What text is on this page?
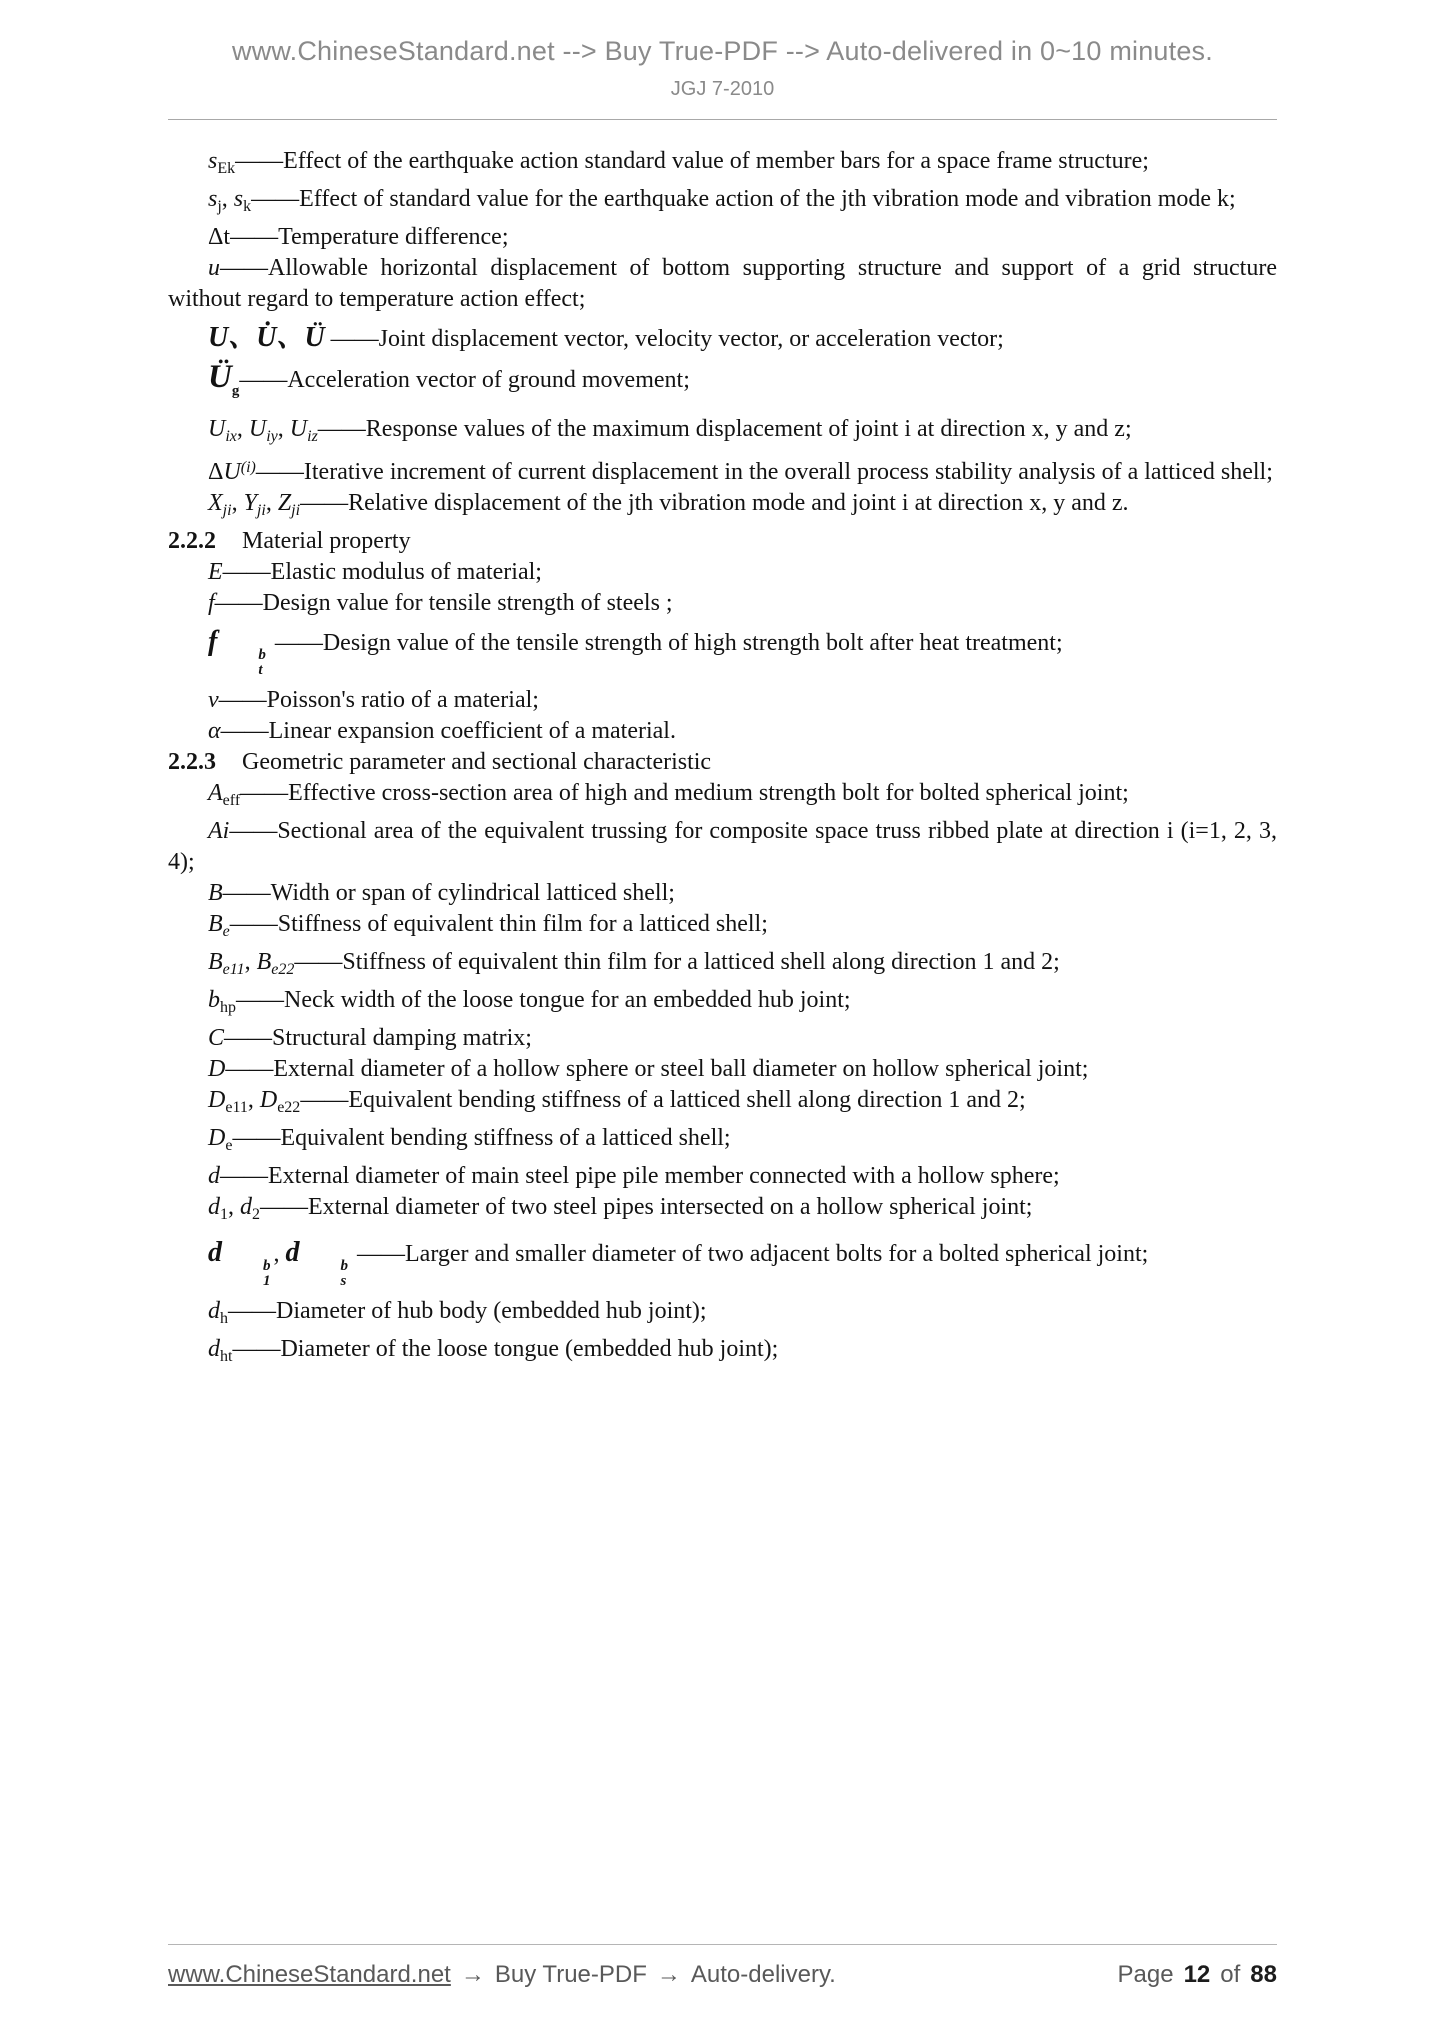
www.ChineseStandard.net --> Buy True-PDF --> Auto-delivered in 0~10 minutes.
JGJ 7-2010

$s_{Ek}——Effect$ of the earthquake action standard value of member bars for a space frame structure;

$s_j$, $s_k——Effect$ of standard value for the earthquake action of the jth vibration mode and vibration mode k;

Δt——Temperature difference;

u——Allowable horizontal displacement of bottom supporting structure and support of a grid structure without regard to temperature action effect;

U、U̇、Ü ——Joint displacement vector, velocity vector, or acceleration vector;

$Ü_g——Acceleration$ vector of ground movement;

$U_{ix}$, $U_{iy}$, $U_{iz}——Response$ values of the maximum displacement of joint i at direction x, y and z;

ΔU$^{(i)}$——Iterative increment of current displacement in the overall process stability analysis of a latticed shell;

$X_{ji}$, $Y_{ji}$, $Z_{ji}——Relative$ displacement of the jth vibration mode and joint i at direction x, y and z.

2.2.2 Material property

E——Elastic modulus of material;

f——Design value for tensile strength of steels ;

f	b
t
——Design value of the tensile strength of high strength bolt after heat treatment;

v——Poisson's ratio of a material;

α——Linear expansion coefficient of a material.

2.2.3 Geometric parameter and sectional characteristic

$A_{eff}——Effective$ cross-section area of high and medium strength bolt for bolted spherical joint;

Ai——Sectional area of the equivalent trussing for composite space truss ribbed plate at direction i (i=1, 2, 3, 4);

B——Width or span of cylindrical latticed shell;

$B_e——Stiffness$ of equivalent thin film for a latticed shell;

$B_{e11}$, $B_{e22}——Stiffness$ of equivalent thin film for a latticed shell along direction 1 and 2;

$b_{hp}——Neck$ width of the loose tongue for an embedded hub joint;

C——Structural damping matrix;

D——External diameter of a hollow sphere or steel ball diameter on hollow spherical joint;

$D_{e11}$, $D_{e22}——Equivalent$ bending stiffness of a latticed shell along direction 1 and 2;

$D_e——Equivalent$ bending stiffness of a latticed shell;

d——External diameter of main steel pipe pile member connected with a hollow sphere;

$d_1$, $d_2——External$ diameter of two steel pipes intersected on a hollow spherical joint;

d	b
1
, d	b
s
——Larger and smaller diameter of two adjacent bolts for a bolted spherical joint;

$d_h——Diameter$ of hub body (embedded hub joint);

$d_{ht}——Diameter$ of the loose tongue (embedded hub joint);

www.ChineseStandard.net → Buy True-PDF → Auto-delivery.	Page 12 of 88
